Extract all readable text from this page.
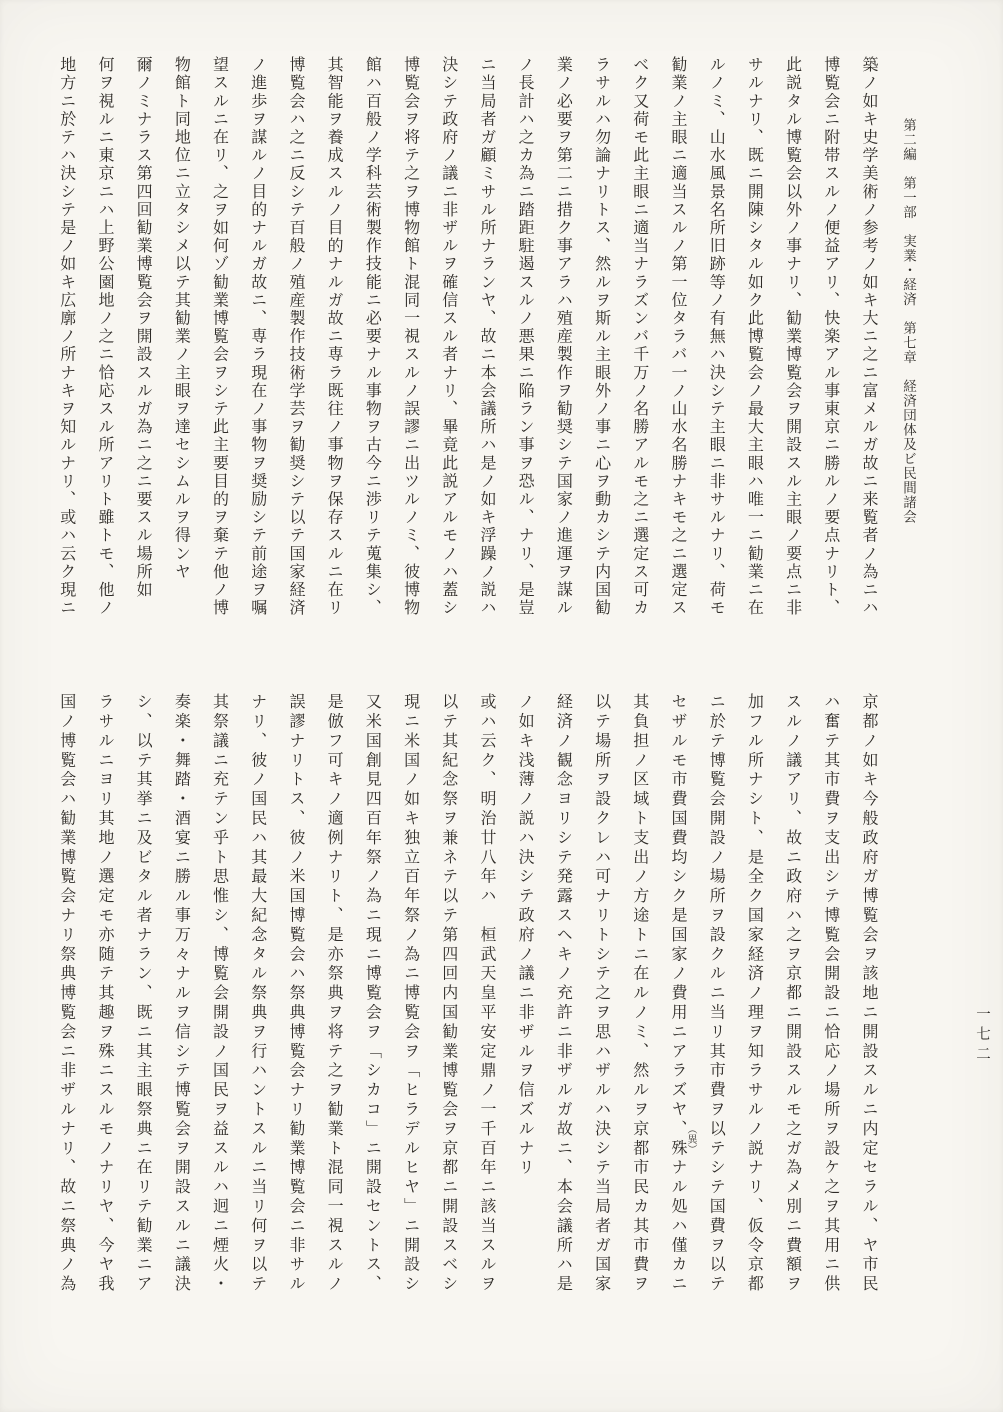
第二編　第一部　実業・経済　第七章　経済団体及ビ民間諸会

築ノ如キ史学美術ノ参考ノ如キ大ニ之ニ富メルガ故ニ来覧者ノ為ニハ

博覧会ニ附帯スルノ便益アリ、快楽アル事東京ニ勝ルノ要点ナリト、

此説タル博覧会以外ノ事ナリ、勧業博覧会ヲ開設スル主眼ノ要点ニ非

サルナリ、既ニ開陳シタル如ク此博覧会ノ最大主眼ハ唯一ニ勧業ニ在

ルノミ、山水風景名所旧跡等ノ有無ハ決シテ主眼ニ非サルナリ、荷モ

勧業ノ主眼ニ適当スルノ第一位タラバ一ノ山水名勝ナキモ之ニ選定ス

ベク又荷モ此主眼ニ適当ナラズンバ千万ノ名勝アルモ之ニ選定ス可カ

ラサルハ勿論ナリトス、然ルヲ斯ル主眼外ノ事ニ心ヲ動カシテ内国勧

業ノ必要ヲ第二ニ措ク事アラハ殖産製作ヲ勧奨シテ国家ノ進運ヲ謀ル

ノ長計ハ之カ為ニ踏距駐遏スルノ悪果ニ陥ラン事ヲ恐ル、ナリ、是豈

ニ当局者ガ顧ミサル所ナランヤ、故ニ本会議所ハ是ノ如キ浮躁ノ説ハ

決シテ政府ノ議ニ非ザルヲ確信スル者ナリ、畢竟此説アルモノハ蓋シ

博覧会ヲ将テ之ヲ博物館ト混同一視スルノ誤謬ニ出ツルノミ、彼博物

館ハ百般ノ学科芸術製作技能ニ必要ナル事物ヲ古今ニ渉リテ蒐集シ、

其智能ヲ養成スルノ目的ナルガ故ニ専ラ既往ノ事物ヲ保存スルニ在リ

博覧会ハ之ニ反シテ百般ノ殖産製作技術学芸ヲ勧奨シテ以テ国家経済

ノ進歩ヲ謀ルノ目的ナルガ故ニ、専ラ現在ノ事物ヲ奨励シテ前途ヲ嘱

望スルニ在リ、之ヲ如何ゾ勧業博覧会ヲシテ此主要目的ヲ棄テ他ノ博

物館ト同地位ニ立タシメ以テ其勧業ノ主眼ヲ達セシムルヲ得ンヤ

爾ノミナラス第四回勧業博覧会ヲ開設スルガ為ニ之ニ要スル場所如

何ヲ視ルニ東京ニハ上野公園地ノ之ニ恰応スル所アリト雖トモ、他ノ

地方ニ於テハ決シテ是ノ如キ広廓ノ所ナキヲ知ルナリ、或ハ云ク現ニ

京都ノ如キ今般政府ガ博覧会ヲ該地ニ開設スルニ内定セラル、ヤ市民

ハ奮テ其市費ヲ支出シテ博覧会開設ニ恰応ノ場所ヲ設ケ之ヲ其用ニ供

スルノ議アリ、故ニ政府ハ之ヲ京都ニ開設スルモ之ガ為メ別ニ費額ヲ

加フル所ナシト、是全ク国家経済ノ理ヲ知ラサルノ説ナリ、仮令京都

ニ於テ博覧会開設ノ場所ヲ設クルニ当リ其市費ヲ以テシテ国費ヲ以テ

セザルモ市費国費均シク是国家ノ費用ニアラズヤ、殊ナル処ハ僅カニ

其負担ノ区域ト支出ノ方途トニ在ルノミ、然ルヲ京都市民カ其市費ヲ

以テ場所ヲ設クレハ可ナリトシテ之ヲ思ハザルハ決シテ当局者ガ国家

経済ノ観念ヨリシテ発露スヘキノ充許ニ非ザルガ故ニ、本会議所ハ是

ノ如キ浅薄ノ説ハ決シテ政府ノ議ニ非ザルヲ信ズルナリ

或ハ云ク、明治廿八年ハ　桓武天皇平安定鼎ノ一千百年ニ該当スルヲ

以テ其紀念祭ヲ兼ネテ以テ第四回内国勧業博覧会ヲ京都ニ開設スベシ

現ニ米国ノ如キ独立百年祭ノ為ニ博覧会ヲ「ヒラデルヒヤ」ニ開設シ

又米国創見四百年祭ノ為ニ現ニ博覧会ヲ「シカコ」ニ開設セントス、

是倣フ可キノ適例ナリト、是亦祭典ヲ将テ之ヲ勧業ト混同一視スルノ

誤謬ナリトス、彼ノ米国博覧会ハ祭典博覧会ナリ勧業博覧会ニ非サル

ナリ、彼ノ国民ハ其最大紀念タル祭典ヲ行ハントスルニ当リ何ヲ以テ

其祭議ニ充テン乎ト思惟シ、博覧会開設ノ国民ヲ益スルハ迥ニ煙火・

奏楽・舞踏・酒宴ニ勝ル事万々ナルヲ信シテ博覧会ヲ開設スルニ議決

シ、以テ其挙ニ及ビタル者ナラン、既ニ其主眼祭典ニ在リテ勧業ニア

ラサルニヨリ其地ノ選定モ亦随テ其趣ヲ殊ニスルモノナリヤ、今ヤ我

国ノ博覧会ハ勧業博覧会ナリ祭典博覧会ニ非ザルナリ、故ニ祭典ノ為	（異）
一七二
